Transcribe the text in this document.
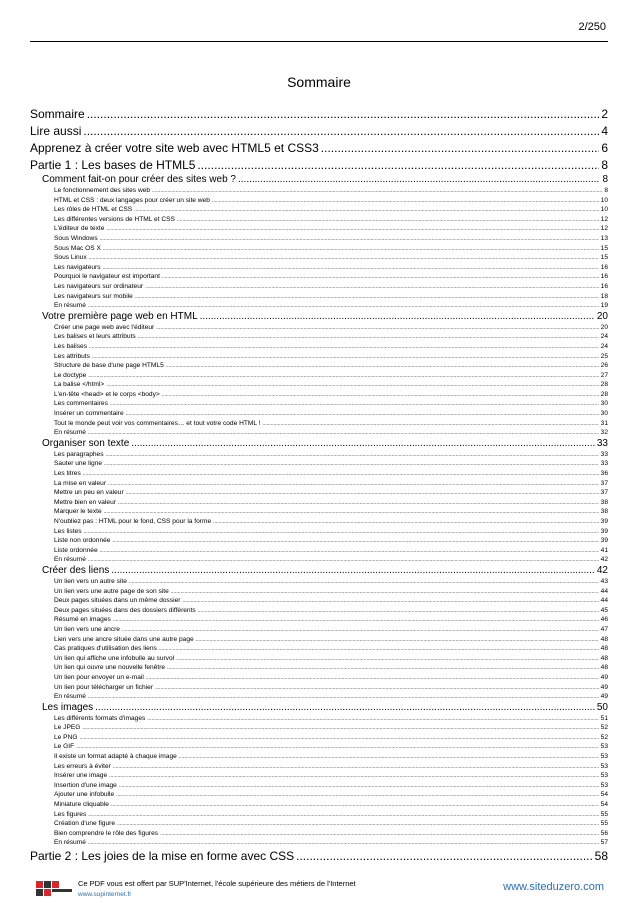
2/250
Sommaire
Sommaire .....	2
Lire aussi .....	4
Apprenez à créer votre site web avec HTML5 et CSS3 .....	6
Partie 1 : Les bases de HTML5 .....	8
Comment fait-on pour créer des sites web ? .....	8
Le fonctionnement des sites web .....	8
HTML et CSS : deux langages pour créer un site web .....	10
Les rôles de HTML et CSS .....	10
Les différentes versions de HTML et CSS .....	12
L'éditeur de texte .....	12
Sous Windows .....	13
Sous Mac OS X .....	15
Sous Linux .....	15
Les navigateurs .....	16
Pourquoi le navigateur est important .....	16
Les navigateurs sur ordinateur .....	16
Les navigateurs sur mobile .....	18
En résumé .....	19
Votre première page web en HTML .....	20
Créer une page web avec l'éditeur .....	20
Les balises et leurs attributs .....	24
Les balises .....	24
Les attributs .....	25
Structure de base d'une page HTML5 .....	26
Le doctype .....	27
La balise </html> .....	28
L'en-tête <head> et le corps <body> .....	28
Les commentaires .....	30
Insérer un commentaire .....	30
Tout le monde peut voir vos commentaires… et tout votre code HTML ! .....	31
En résumé .....	32
Organiser son texte .....	33
Les paragraphes .....	33
Sauter une ligne .....	33
Les titres .....	36
La mise en valeur .....	37
Mettre un peu en valeur .....	37
Mettre bien en valeur .....	38
Marquer le texte .....	38
N'oubliez pas : HTML pour le fond, CSS pour la forme .....	39
Les listes .....	39
Liste non ordonnée .....	39
Liste ordonnée .....	41
En résumé .....	42
Créer des liens .....	42
Un lien vers un autre site .....	43
Un lien vers une autre page de son site .....	44
Deux pages situées dans un même dossier .....	44
Deux pages situées dans des dossiers différents .....	45
Résumé en images .....	46
Un lien vers une ancre .....	47
Lien vers une ancre située dans une autre page .....	48
Cas pratiques d'utilisation des liens .....	48
Un lien qui affiche une infobulle au survol .....	48
Un lien qui ouvre une nouvelle fenêtre .....	48
Un lien pour envoyer un e-mail .....	49
Un lien pour télécharger un fichier .....	49
En résumé .....	49
Les images .....	50
Les différents formats d'images .....	51
Le JPEG .....	52
Le PNG .....	52
Le GIF .....	53
Il existe un format adapté à chaque image .....	53
Les erreurs à éviter .....	53
Insérer une image .....	53
Insertion d'une image .....	53
Ajouter une infobulle .....	54
Miniature cliquable .....	54
Les figures .....	55
Création d'une figure .....	55
Bien comprendre le rôle des figures .....	56
En résumé .....	57
Partie 2 : Les joies de la mise en forme avec CSS .....	58
Ce PDF vous est offert par SUP'Internet, l'école supérieure des métiers de l'Internet
www.supinternet.fr
www.siteduzero.com
